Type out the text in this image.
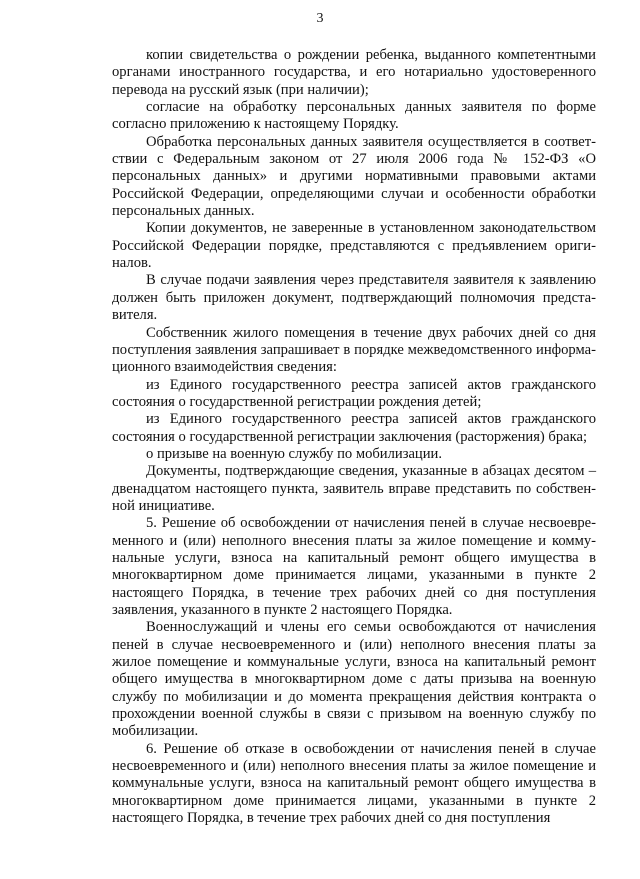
3

копии свидетельства о рождении ребенка, выданного компетентными органами иностранного государства, и его нотариально удостоверенного перевода на русский язык (при наличии);

согласие на обработку персональных данных заявителя по форме согласно приложению к настоящему Порядку.

Обработка персональных данных заявителя осуществляется в соответствии с Федеральным законом от 27 июля 2006 года № 152-ФЗ «О персональных данных» и другими нормативными правовыми актами Российской Федерации, определяющими случаи и особенности обработки персональных данных.

Копии документов, не заверенные в установленном законодательством Российской Федерации порядке, представляются с предъявлением оригиналов.

В случае подачи заявления через представителя заявителя к заявлению должен быть приложен документ, подтверждающий полномочия представителя.

Собственник жилого помещения в течение двух рабочих дней со дня поступления заявления запрашивает в порядке межведомственного информационного взаимодействия сведения:

из Единого государственного реестра записей актов гражданского состояния о государственной регистрации рождения детей;

из Единого государственного реестра записей актов гражданского состояния о государственной регистрации заключения (расторжения) брака;

о призыве на военную службу по мобилизации.

Документы, подтверждающие сведения, указанные в абзацах десятом – двенадцатом настоящего пункта, заявитель вправе представить по собственной инициативе.

5. Решение об освобождении от начисления пеней в случае несвоевременного и (или) неполного внесения платы за жилое помещение и коммунальные услуги, взноса на капитальный ремонт общего имущества в многоквартирном доме принимается лицами, указанными в пункте 2 настоящего Порядка, в течение трех рабочих дней со дня поступления заявления, указанного в пункте 2 настоящего Порядка.

Военнослужащий и члены его семьи освобождаются от начисления пеней в случае несвоевременного и (или) неполного внесения платы за жилое помещение и коммунальные услуги, взноса на капитальный ремонт общего имущества в многоквартирном доме с даты призыва на военную службу по мобилизации и до момента прекращения действия контракта о прохождении военной службы в связи с призывом на военную службу по мобилизации.

6. Решение об отказе в освобождении от начисления пеней в случае несвоевременного и (или) неполного внесения платы за жилое помещение и коммунальные услуги, взноса на капитальный ремонт общего имущества в многоквартирном доме принимается лицами, указанными в пункте 2 настоящего Порядка, в течение трех рабочих дней со дня поступления
